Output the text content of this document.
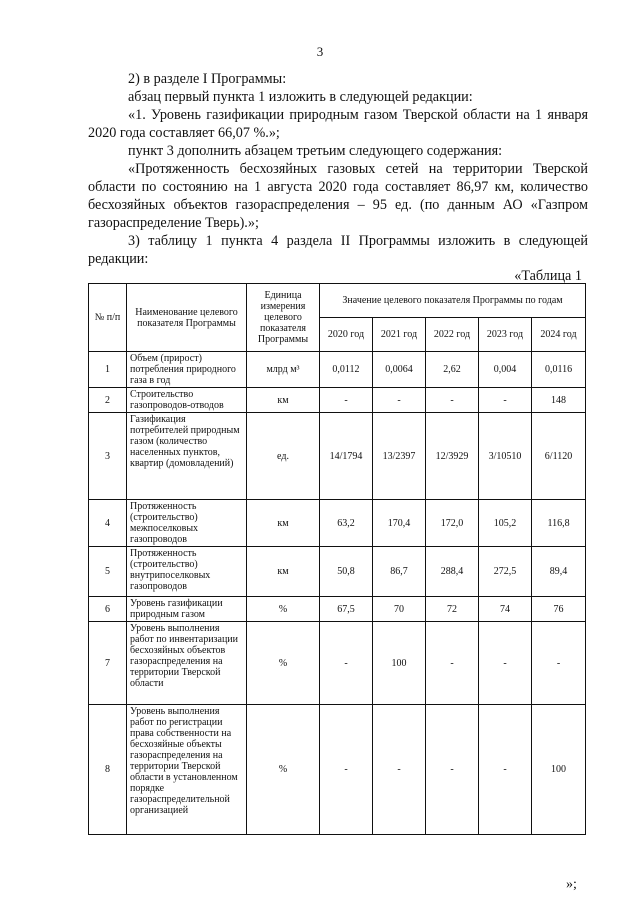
3

2) в разделе I Программы:

абзац первый пункта 1 изложить в следующей редакции:

«1. Уровень газификации природным газом Тверской области на 1 января 2020 года составляет 66,07 %.»;

пункт 3 дополнить абзацем третьим следующего содержания:

«Протяженность бесхозяйных газовых сетей на территории Тверской области по состоянию на 1 августа 2020 года составляет 86,97 км, количество бесхозяйных объектов газораспределения – 95 ед. (по данным АО «Газпром газораспределение Тверь).»;

3) таблицу 1 пункта 4 раздела II Программы изложить в следующей редакции:

«Таблица 1
№ п/п	Наименование целевого показателя Программы	Единица измерения целевого показателя Программы	Значение целевого показателя Программы по годам				
			2020 год	2021 год	2022 год	2023 год	2024 год
1	Объем (прирост) потребления природного газа в год	млрд м³	0,0112	0,0064	2,62	0,004	0,0116
2	Строительство газопроводов-отводов	км	-	-	-	-	148
3	Газификация потребителей природным газом (количество населенных пунктов, квартир (домовладений)	ед.	14/1794	13/2397	12/3929	3/10510	6/1120
4	Протяженность (строительство) межпоселковых газопроводов	км	63,2	170,4	172,0	105,2	116,8
5	Протяженность (строительство) внутрипоселковых газопроводов	км	50,8	86,7	288,4	272,5	89,4
6	Уровень газификации природным газом	%	67,5	70	72	74	76
7	Уровень выполнения работ по инвентаризации бесхозяйных объектов газораспределения на территории Тверской области	%	-	100	-	-	-
8	Уровень выполнения работ по регистрации права собственности на бесхозяйные объекты газораспределения на территории Тверской области в установленном порядке газораспределительной организацией	%	-	-	-	-	100
»;
